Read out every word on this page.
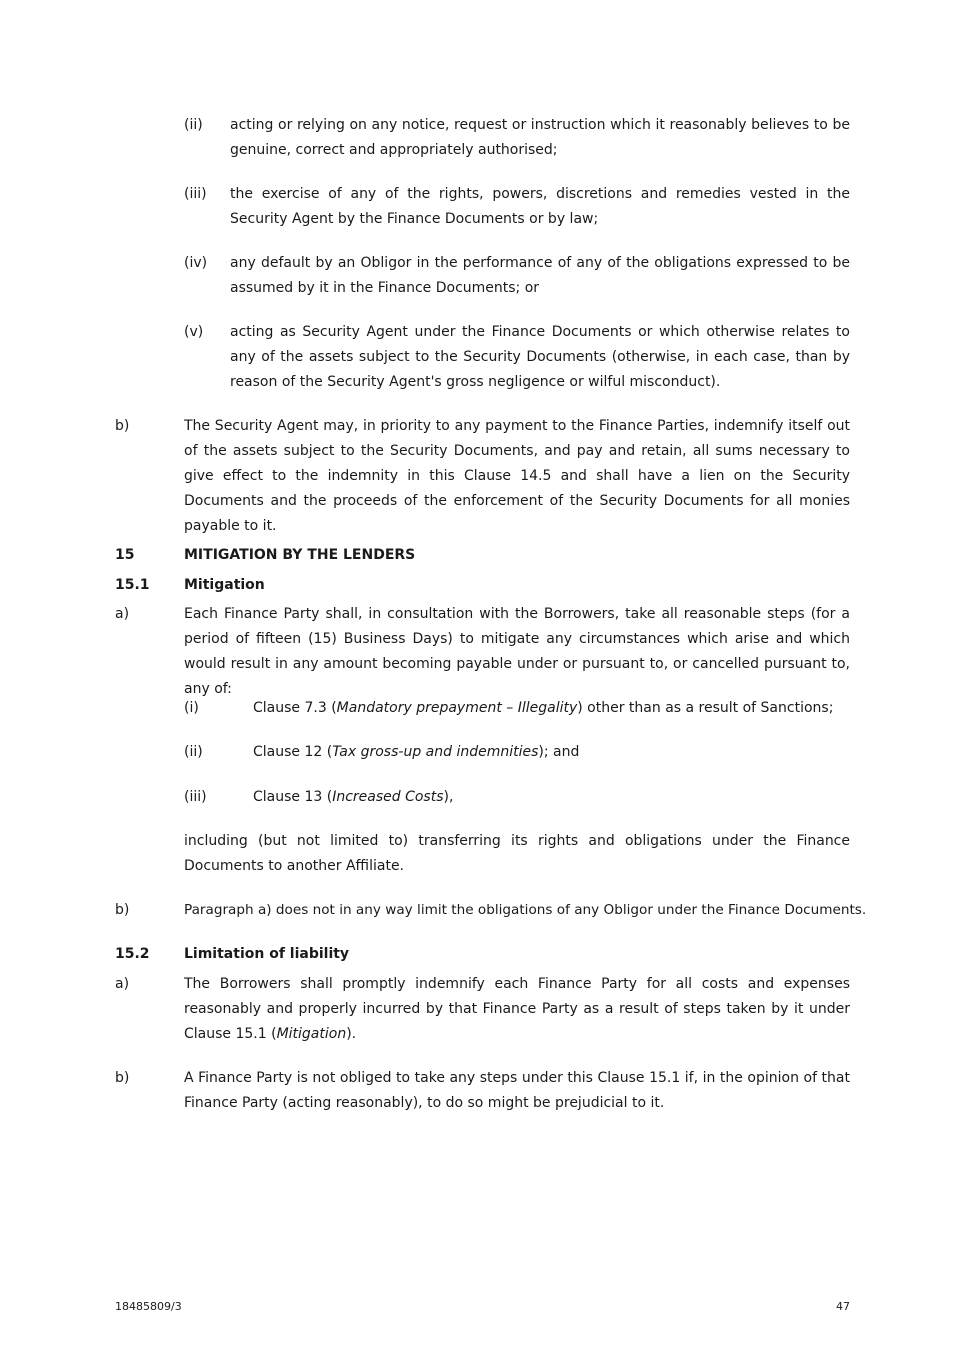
(ii) acting or relying on any notice, request or instruction which it reasonably believes to be genuine, correct and appropriately authorised;
(iii) the exercise of any of the rights, powers, discretions and remedies vested in the Security Agent by the Finance Documents or by law;
(iv) any default by an Obligor in the performance of any of the obligations expressed to be assumed by it in the Finance Documents; or
(v) acting as Security Agent under the Finance Documents or which otherwise relates to any of the assets subject to the Security Documents (otherwise, in each case, than by reason of the Security Agent's gross negligence or wilful misconduct).
b)	The Security Agent may, in priority to any payment to the Finance Parties, indemnify itself out of the assets subject to the Security Documents, and pay and retain, all sums necessary to give effect to the indemnity in this Clause 14.5 and shall have a lien on the Security Documents and the proceeds of the enforcement of the Security Documents for all monies payable to it.
15	MITIGATION BY THE LENDERS
15.1 Mitigation
a)	Each Finance Party shall, in consultation with the Borrowers, take all reasonable steps (for a period of fifteen (15) Business Days) to mitigate any circumstances which arise and which would result in any amount becoming payable under or pursuant to, or cancelled pursuant to, any of:
(i)	Clause 7.3 (Mandatory prepayment – Illegality) other than as a result of Sanctions;
(ii)	Clause 12 (Tax gross-up and indemnities); and
(iii)	Clause 13 (Increased Costs),
including (but not limited to) transferring its rights and obligations under the Finance Documents to another Affiliate.
b)	Paragraph a) does not in any way limit the obligations of any Obligor under the Finance Documents.
15.2 Limitation of liability
a)	The Borrowers shall promptly indemnify each Finance Party for all costs and expenses reasonably and properly incurred by that Finance Party as a result of steps taken by it under Clause 15.1 (Mitigation).
b)	A Finance Party is not obliged to take any steps under this Clause 15.1 if, in the opinion of that Finance Party (acting reasonably), to do so might be prejudicial to it.
18485809/3	47
